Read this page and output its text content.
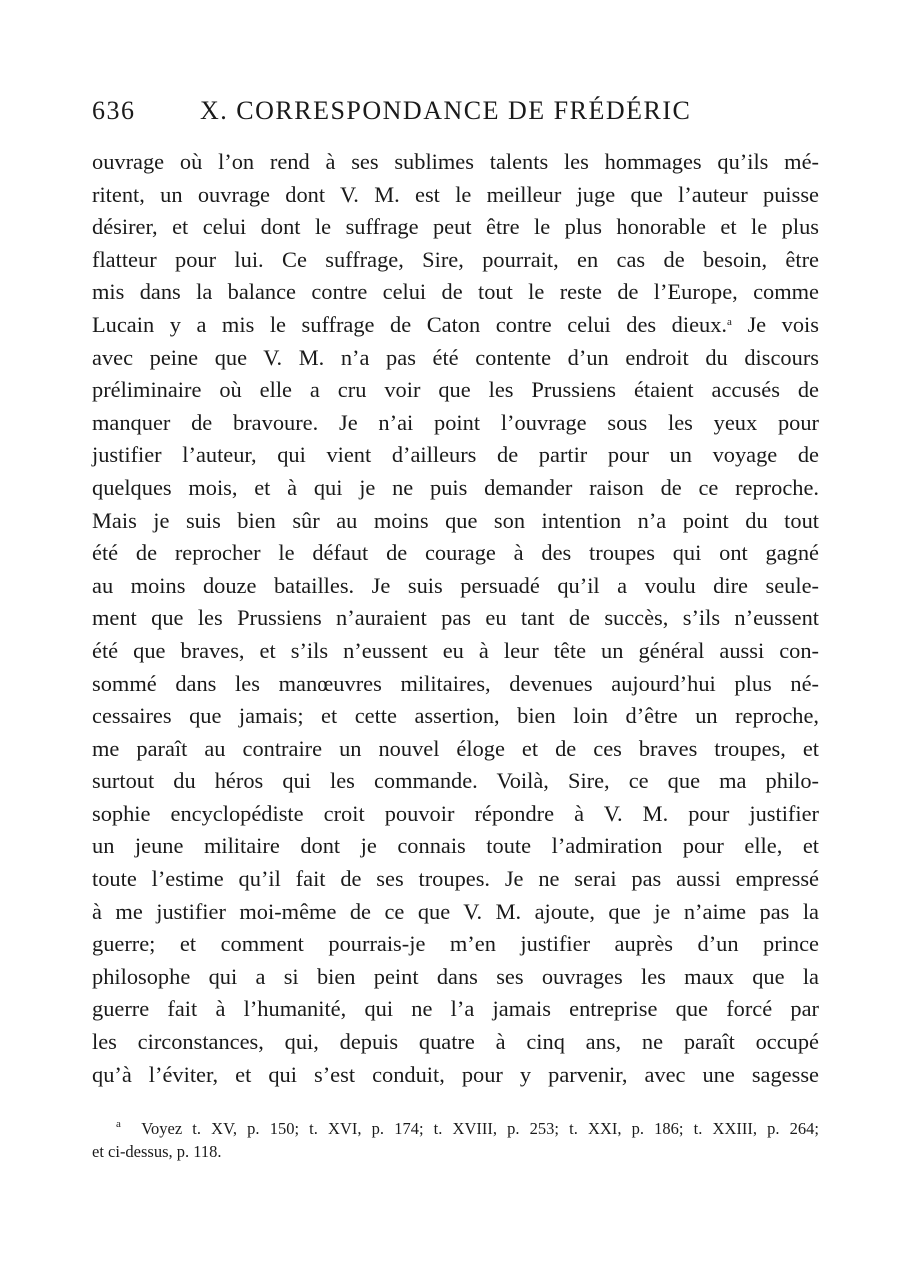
636 X. CORRESPONDANCE DE FRÉDÉRIC
ouvrage où l’on rend à ses sublimes talents les hommages qu’ils mé-
ritent, un ouvrage dont V. M. est le meilleur juge que l’auteur puisse
désirer, et celui dont le suffrage peut être le plus honorable et le plus
flatteur pour lui. Ce suffrage, Sire, pourrait, en cas de besoin, être
mis dans la balance contre celui de tout le reste de l’Europe, comme
Lucain y a mis le suffrage de Caton contre celui des dieux.$^a$ Je vois
avec peine que V. M. n’a pas été contente d’un endroit du discours
préliminaire où elle a cru voir que les Prussiens étaient accusés de
manquer de bravoure. Je n’ai point l’ouvrage sous les yeux pour
justifier l’auteur, qui vient d’ailleurs de partir pour un voyage de
quelques mois, et à qui je ne puis demander raison de ce reproche.
Mais je suis bien sûr au moins que son intention n’a point du tout
été de reprocher le défaut de courage à des troupes qui ont gagné
au moins douze batailles. Je suis persuadé qu’il a voulu dire seule-
ment que les Prussiens n’auraient pas eu tant de succès, s’ils n’eussent
été que braves, et s’ils n’eussent eu à leur tête un général aussi con-
sommé dans les manœuvres militaires, devenues aujourd’hui plus né-
cessaires que jamais; et cette assertion, bien loin d’être un reproche,
me paraît au contraire un nouvel éloge et de ces braves troupes, et
surtout du héros qui les commande. Voilà, Sire, ce que ma philo-
sophie encyclopédiste croit pouvoir répondre à V. M. pour justifier
un jeune militaire dont je connais toute l’admiration pour elle, et
toute l’estime qu’il fait de ses troupes. Je ne serai pas aussi empressé
à me justifier moi-même de ce que V. M. ajoute, que je n’aime pas la
guerre; et comment pourrais-je m’en justifier auprès d’un prince
philosophe qui a si bien peint dans ses ouvrages les maux que la
guerre fait à l’humanité, qui ne l’a jamais entreprise que forcé par
les circonstances, qui, depuis quatre à cinq ans, ne paraît occupé
qu’à l’éviter, et qui s’est conduit, pour y parvenir, avec une sagesse
$^a$ Voyez t. XV, p. 150; t. XVI, p. 174; t. XVIII, p. 253; t. XXI, p. 186; t. XXIII, p. 264;
et ci-dessus, p. 118.
